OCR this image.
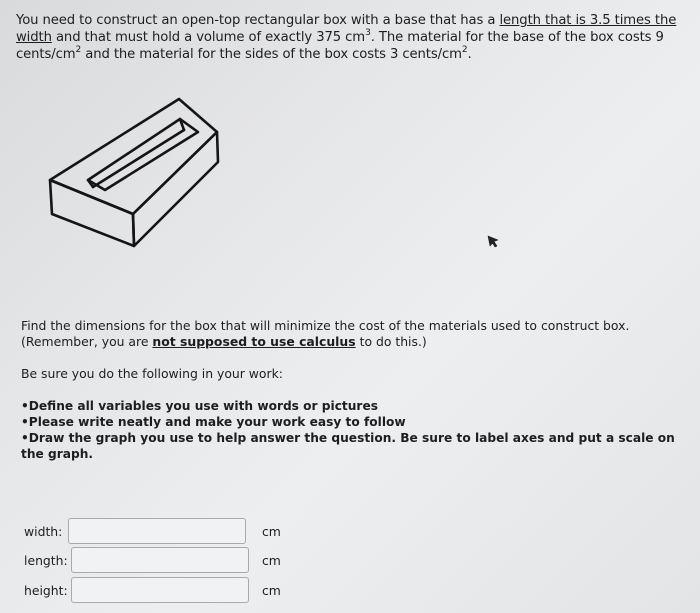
You need to construct an open-top rectangular box with a base that has a length that is 3.5 times the width and that must hold a volume of exactly 375 $cm^3$. The material for the base of the box costs 9 cents/$cm^2$ and the material for the sides of the box costs 3 cents/$cm^2$.

Find the dimensions for the box that will minimize the cost of the materials used to construct box.

(Remember, you are not supposed to use calculus to do this.)

Be sure you do the following in your work:

•Define all variables you use with words or pictures
•Please write neatly and make your work easy to follow
•Draw the graph you use to help answer the question. Be sure to label axes and put a scale on the graph.

width:	cm
length:	cm
height:	cm
